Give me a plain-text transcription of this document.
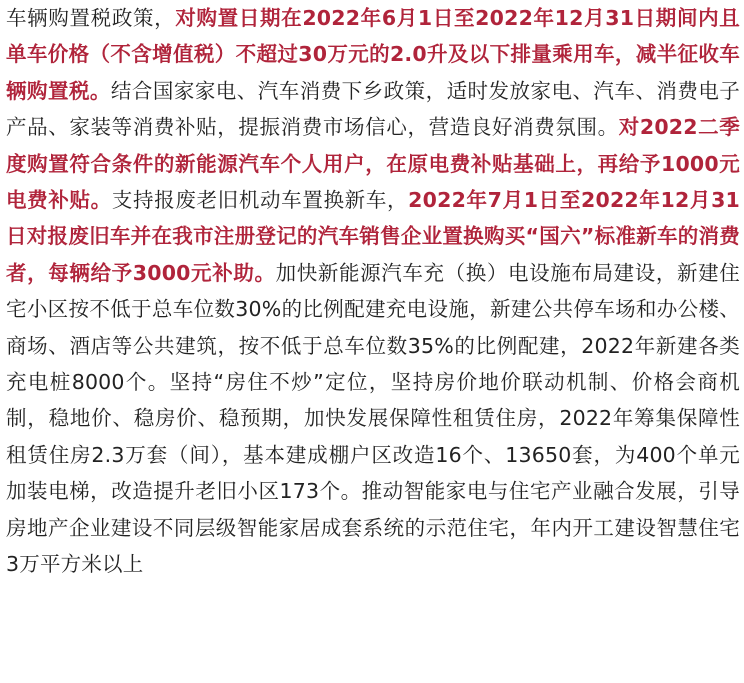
车辆购置税政策，对购置日期在2022年6月1日至2022年12月31日期间内且单车价格（不含增值税）不超过30万元的2.0升及以下排量乘用车，减半征收车辆购置税。结合国家家电、汽车消费下乡政策，适时发放家电、汽车、消费电子产品、家装等消费补贴，提振消费市场信心，营造良好消费氛围。对2022二季度购置符合条件的新能源汽车个人用户，在原电费补贴基础上，再给予1000元电费补贴。支持报废老旧机动车置换新车，2022年7月1日至2022年12月31日对报废旧车并在我市注册登记的汽车销售企业置换购买“国六”标准新车的消费者，每辆给予3000元补助。加快新能源汽车充（换）电设施布局建设，新建住宅小区按不低于总车位数30%的比例配建充电设施，新建公共停车场和办公楼、商场、酒店等公共建筑，按不低于总车位数35%的比例配建，2022年新建各类充电桩8000个。坚持“房住不炒”定位，坚持房价地价联动机制、价格会商机制，稳地价、稳房价、稳预期，加快发展保障性租赁住房，2022年筹集保障性租赁住房2.3万套（间），基本建成棚户区改造16个、13650套，为400个单元加装电梯，改造提升老旧小区173个。推动智能家电与住宅产业融合发展，引导房地产企业建设不同层级智能家居成套系统的示范住宅，年内开工建设智慧住宅3万平方米以上
